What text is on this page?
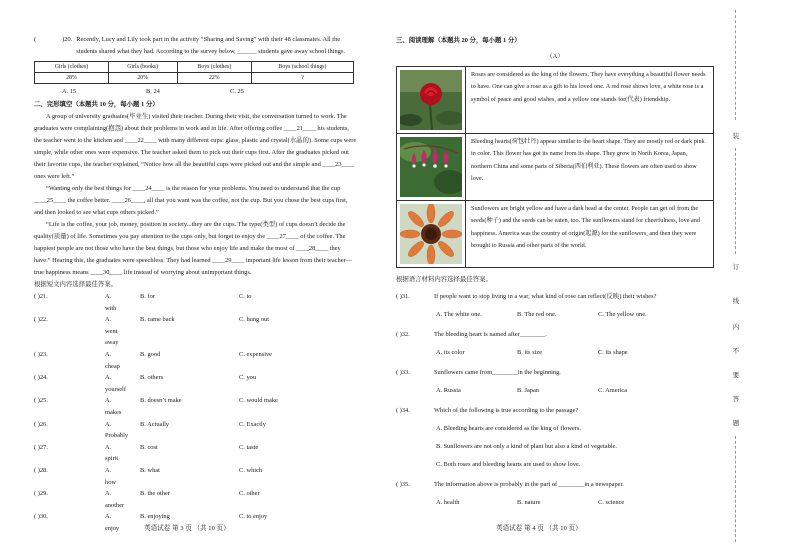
(	)20. Recently, Lucy and Lily took part in the activity “Sharing and Saving” with their 48 classmates. All the students shared what they had. According to the survey below, ______ students gave away school things.
Girls (clothes)	Girls (books)	Boys (clothes)	Boys (school things)
28%	20%	22%	?
A. 15	B. 24	C. 25

二、完形填空（本题共 10 分，每小题 1 分）

A group of university graduates(毕业生) visited their teacher. During their visit, the conversation turned to work. The graduates were complaining(抱怨) about their problems in work and in life. After offering coffee ____21____ his students, the teacher went to the kitchen and ____22____ with many different cups: glass, plastic and crystal(水晶的). Some cups were simple, while other ones were expensive. The teacher asked them to pick out their cups first. After the graduates picked out their favorite cups, the teacher explained, “Notice how all the beautiful cups were picked out and the simple and ____23____ ones were left.”

“Wanting only the best things for ____24____ is the reason for your problems. You need to understand that the cup ____25____ the coffee better. ____26____, all that you want was the coffee, not the cup. But you chose the best cups first, and then looked to see what cups others picked.”

“Life is the coffee, your job, money, position in society...they are the cups. The type(类型) of cups doesn’t decide the quality(质量) of life. Sometimes you pay attention to the cups only, but forget to enjoy the ____27____ of the coffee. The happiest people are not those who have the best things, but those who enjoy life and make the most of ____28____ they have.” Hearing this, the graduates were speechless. They had learned ____29____ important life lesson from their teacher—true happiness means ____30____ life instead of worrying about unimportant things.

根据短文内容选择最佳答案。

( )21.	A. with
B. for	C. to
( )22.	A. went away
B. came back	C. hung out
( )23.	A. cheap
B. good	C. expensive
( )24.	A. yourself
B. others	C. you
( )25.	A. makes
B. doesn’t make	C. would make
( )26.	A. Probably
B. Actually	C. Exactly
( )27.	A. spirit
B. cost	C. taste
( )28.	A. how
B. what	C. which
( )29.	A. another
B. the other	C. other
( )30.	A. enjoy
B. enjoying	C. to enjoy
英语试卷 第 3 页 （共 10 页）

三、阅读理解（本题共 20 分，每小题 1 分）

（A）

Roses are considered as the king of the flowers. They have everything a beautiful flower needs to have. One can give a rose as a gift to his loved one. A red rose shows love, a white rose is a symbol of peace and good wishes, and a yellow one stands for(代表) friendship.
Bleeding hearts(荷包牡丹) appear similar to the heart shape. They are mostly red or dark pink in color. This flower has got its name from its shape. They grow in North Korea, Japan, northern China and some parts of Siberia(西伯利亚). These flowers are often used to show love.
Sunflowers are bright yellow and have a dark head at the center. People can get oil from the seeds(种子) and the seeds can be eaten, too. The sunflowers stand for cheerfulness, love and happiness. America was the country of origin(起源) for the sunflowers, and then they were brought to Russia and other parts of the world.

根据语言材料内容选择最佳答案。

( )31.	If people want to stop living in a war, what kind of rose can reflect(反映) their wishes?
A. The white one.	B. The red one.	C. The yellow one.
( )32.	The bleeding heart is named after________.
A. its color	B. its size	C. its shape
( )33.	Sunflowers came from________in the beginning.
A. Russia	B. Japan	C. America
( )34.	Which of the following is true according to the passage?
A. Bleeding hearts are considered as the king of flowers.
B. Sunflowers are not only a kind of plant but also a kind of vegetable.
C. Both roses and bleeding hearts are used to show love.
( )35.	The information above is probably in the part of ________in a newspaper.
A. health	B. nature	C. science
英语试卷 第 4 页 （共 10 页）
装
订
线
内
不
要
答
题
